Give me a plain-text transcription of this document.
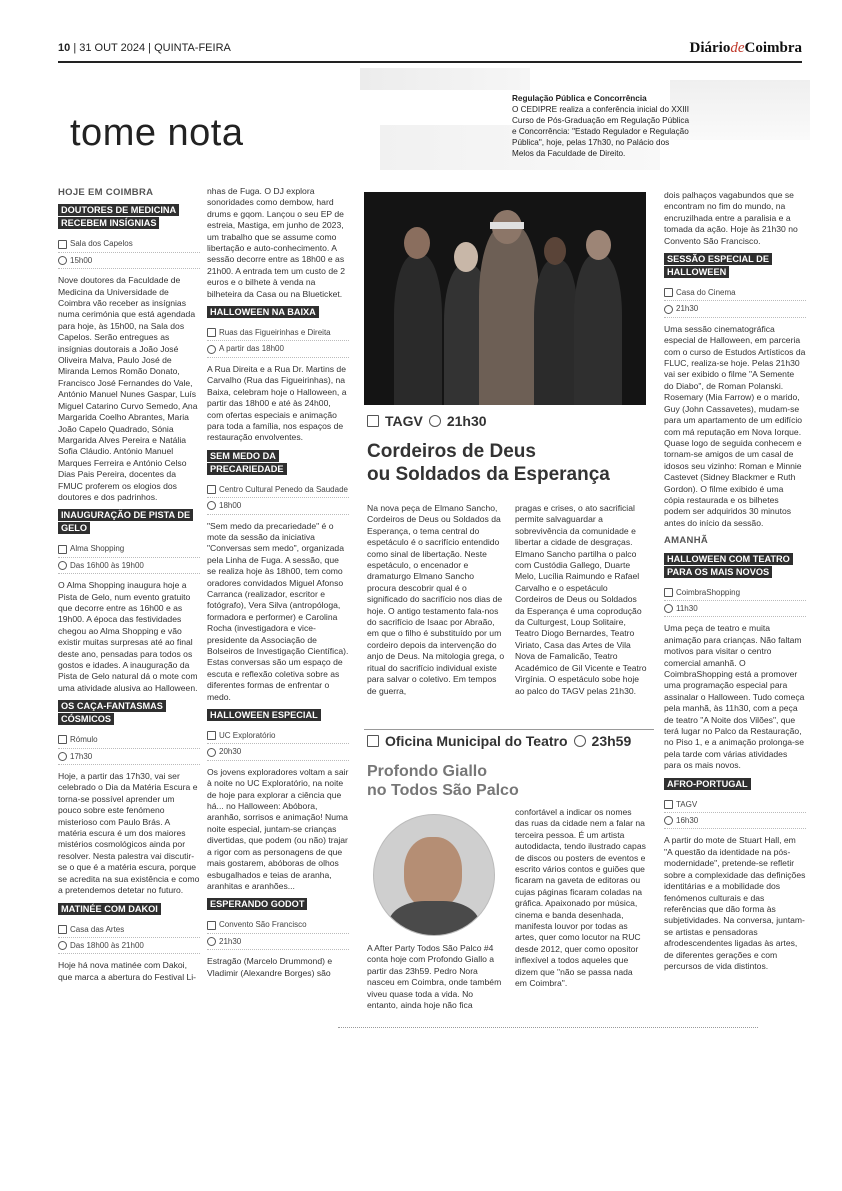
10 | 31 OUT 2024 | QUINTA-FEIRA	DiáriodeCoimbra
tome nota
Regulação Pública e Concorrência
O CEDIPRE realiza a conferência inicial do XXIII Curso de Pós-Graduação em Regulação Pública e Concorrência: "Estado Regulador e Regulação Pública", hoje, pelas 17h30, no Palácio dos Melos da Faculdade de Direito.
HOJE EM COIMBRA
DOUTORES DE MEDICINA RECEBEM INSÍGNIAS
Sala dos Capelos
15h00

Nove doutores da Faculdade de Medicina da Universidade de Coimbra vão receber as insígnias numa cerimónia que está agendada para hoje, às 15h00, na Sala dos Capelos. Serão entregues as insígnias doutorais a João José Oliveira Malva, Paulo José de Miranda Lemos Romão Donato, Francisco José Fernandes do Vale, António Manuel Nunes Gaspar, Luís Miguel Catarino Curvo Semedo, Ana Margarida Coelho Abrantes, Maria João Capelo Quadrado, Sónia Margarida Alves Pereira e Natália Sofia Cláudio. António Manuel Marques Ferreira e António Celso Dias Pais Pereira, docentes da FMUC proferem os elogios dos doutores e dos padrinhos.

INAUGURAÇÃO DE PISTA DE GELO
Alma Shopping
Das 16h00 às 19h00

O Alma Shopping inaugura hoje a Pista de Gelo, num evento gratuito que decorre entre as 16h00 e as 19h00. A época das festividades chegou ao Alma Shopping e vão existir muitas surpresas até ao final deste ano, pensadas para todos os gostos e idades. A inauguração da Pista de Gelo natural dá o mote com uma atividade alusiva ao Halloween.

OS CAÇA-FANTASMAS CÓSMICOS
Rómulo
17h30

Hoje, a partir das 17h30, vai ser celebrado o Dia da Matéria Escura e torna-se possível aprender um pouco sobre este fenómeno misterioso com Paulo Brás. A matéria escura é um dos maiores mistérios cosmológicos ainda por resolver. Nesta palestra vai discutir-se o que é a matéria escura, porque se acredita na sua existência e como a pretendemos detetar no futuro.

MATINÉE COM DAKOI
Casa das Artes
Das 18h00 às 21h00

Hoje há nova matinée com Dakoi, que marca a abertura do Festival Li-

nhas de Fuga. O DJ explora sonoridades como dembow, hard drums e gqom. Lançou o seu EP de estreia, Mastiga, em junho de 2023, um trabalho que se assume como libertação e auto-conhecimento. A sessão decorre entre as 18h00 e as 21h00. A entrada tem um custo de 2 euros e o bilhete à venda na bilheteira da Casa ou na Blueticket.

HALLOWEEN NA BAIXA
Ruas das Figueirinhas e Direita
A partir das 18h00

A Rua Direita e a Rua Dr. Martins de Carvalho (Rua das Figueirinhas), na Baixa, celebram hoje o Halloween, a partir das 18h00 e até às 24h00, com ofertas especiais e animação para toda a família, nos espaços de restauração envolventes.

SEM MEDO DA PRECARIEDADE
Centro Cultural Penedo da Saudade
18h00

"Sem medo da precariedade" é o mote da sessão da iniciativa "Conversas sem medo", organizada pela Linha de Fuga. A sessão, que se realiza hoje às 18h00, tem como oradores convidados Miguel Afonso Carranca (realizador, escritor e fotógrafo), Vera Silva (antropóloga, formadora e performer) e Carolina Rocha (investigadora e vice-presidente da Associação de Bolseiros de Investigação Científica). Estas conversas são um espaço de escuta e reflexão coletiva sobre as diferentes formas de enfrentar o medo.

HALLOWEEN ESPECIAL
UC Exploratório
20h30

Os jovens exploradores voltam a sair à noite no UC Exploratório, na noite de hoje para explorar a ciência que há... no Halloween: Abóbora, aranhão, sorrisos e animação! Numa noite especial, juntam-se crianças divertidas, que podem (ou não) trajar a rigor com as personagens de que mais gostarem, abóboras de olhos esbugalhados e teias de aranha, aranhitas e aranhões...

ESPERANDO GODOT
Convento São Francisco
21h30

Estragão (Marcelo Drummond) e Vladimir (Alexandre Borges) são

TAGV 21h30
Cordeiros de Deus
ou Soldados da Esperança

Na nova peça de Elmano Sancho, Cordeiros de Deus ou Soldados da Esperança, o tema central do espetáculo é o sacrifício entendido como sinal de libertação. Neste espetáculo, o encenador e dramaturgo Elmano Sancho procura descobrir qual é o significado do sacrifício nos dias de hoje. O antigo testamento fala-nos do sacrifício de Isaac por Abraão, em que o filho é substituído por um cordeiro depois da intervenção do anjo de Deus. Na mitologia grega, o ritual do sacrifício individual existe para salvar o coletivo. Em tempos de guerra,

pragas e crises, o ato sacrificial permite salvaguardar a sobrevivência da comunidade e libertar a cidade de desgraças. Elmano Sancho partilha o palco com Custódia Gallego, Duarte Melo, Lucília Raimundo e Rafael Carvalho e o espetáculo Cordeiros de Deus ou Soldados da Esperança é uma coprodução da Culturgest, Loup Solitaire, Teatro Diogo Bernardes, Teatro Viriato, Casa das Artes de Vila Nova de Famalicão, Teatro Académico de Gil Vicente e Teatro Virgínia. O espetáculo sobe hoje ao palco do TAGV pelas 21h30.

Oficina Municipal do Teatro 23h59
Profondo Giallo
no Todos São Palco

A After Party Todos São Palco #4 conta hoje com Profondo Giallo a partir das 23h59. Pedro Nora nasceu em Coimbra, onde também viveu quase toda a vida. No entanto, ainda hoje não fica

confortável a indicar os nomes das ruas da cidade nem a falar na terceira pessoa. É um artista autodidacta, tendo ilustrado capas de discos ou posters de eventos e escrito vários contos e guiões que ficaram na gaveta de editoras ou cujas páginas ficaram coladas na gráfica. Apaixonado por música, cinema e banda desenhada, manifesta louvor por todas as artes, quer como locutor na RUC desde 2012, quer como opositor inflexível a todos aqueles que dizem que "não se passa nada em Coimbra".

dois palhaços vagabundos que se encontram no fim do mundo, na encruzilhada entre a paralisia e a tomada da ação. Hoje às 21h30 no Convento São Francisco.

SESSÃO ESPECIAL DE HALLOWEEN
Casa do Cinema
21h30

Uma sessão cinematográfica especial de Halloween, em parceria com o curso de Estudos Artísticos da FLUC, realiza-se hoje. Pelas 21h30 vai ser exibido o filme "A Semente do Diabo", de Roman Polanski. Rosemary (Mia Farrow) e o marido, Guy (John Cassavetes), mudam-se para um apartamento de um edifício com má reputação em Nova Iorque. Quase logo de seguida conhecem e tornam-se amigos de um casal de idosos seu vizinho: Roman e Minnie Castevet (Sidney Blackmer e Ruth Gordon). O filme exibido é uma cópia restaurada e os bilhetes podem ser adquiridos 30 minutos antes do início da sessão.

AMANHÃ
HALLOWEEN COM TEATRO PARA OS MAIS NOVOS
CoimbraShopping
11h30

Uma peça de teatro e muita animação para crianças. Não faltam motivos para visitar o centro comercial amanhã. O CoimbraShopping está a promover uma programação especial para assinalar o Halloween. Tudo começa pela manhã, às 11h30, com a peça de teatro "A Noite dos Vilões", que terá lugar no Palco da Restauração, no Piso 1, e a animação prolonga-se pela tarde com várias atividades para os mais novos.

AFRO-PORTUGAL
TAGV
16h30

A partir do mote de Stuart Hall, em "A questão da identidade na pós-modernidade", pretende-se refletir sobre a complexidade das definições identitárias e a mobilidade dos fenómenos culturais e das referências que dão forma às subjetividades. Na conversa, juntam-se artistas e pensadoras afrodescendentes ligadas às artes, de diferentes gerações e com percursos de vida distintos.
